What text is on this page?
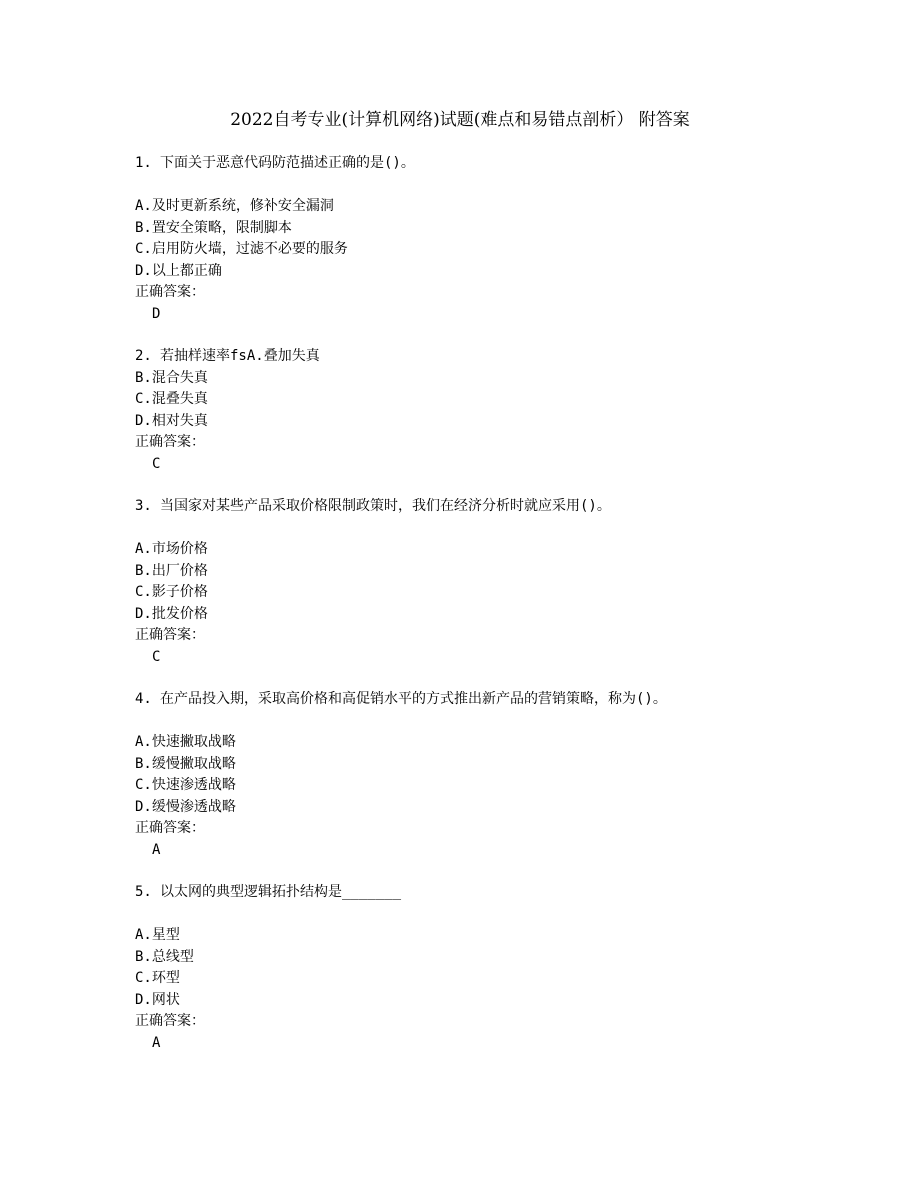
2022自考专业(计算机网络)试题(难点和易错点剖析） 附答案
1. 下面关于恶意代码防范描述正确的是()。
A.及时更新系统，修补安全漏洞
B.置安全策略，限制脚本
C.启用防火墙，过滤不必要的服务
D.以上都正确
正确答案：
D
2. 若抽样速率fsA.叠加失真
B.混合失真
C.混叠失真
D.相对失真
正确答案：
C
3. 当国家对某些产品采取价格限制政策时，我们在经济分析时就应采用()。
A.市场价格
B.出厂价格
C.影子价格
D.批发价格
正确答案：
C
4. 在产品投入期，采取高价格和高促销水平的方式推出新产品的营销策略，称为()。
A.快速撇取战略
B.缓慢撇取战略
C.快速渗透战略
D.缓慢渗透战略
正确答案：
A
5. 以太网的典型逻辑拓扑结构是_______
A.星型
B.总线型
C.环型
D.网状
正确答案：
A
